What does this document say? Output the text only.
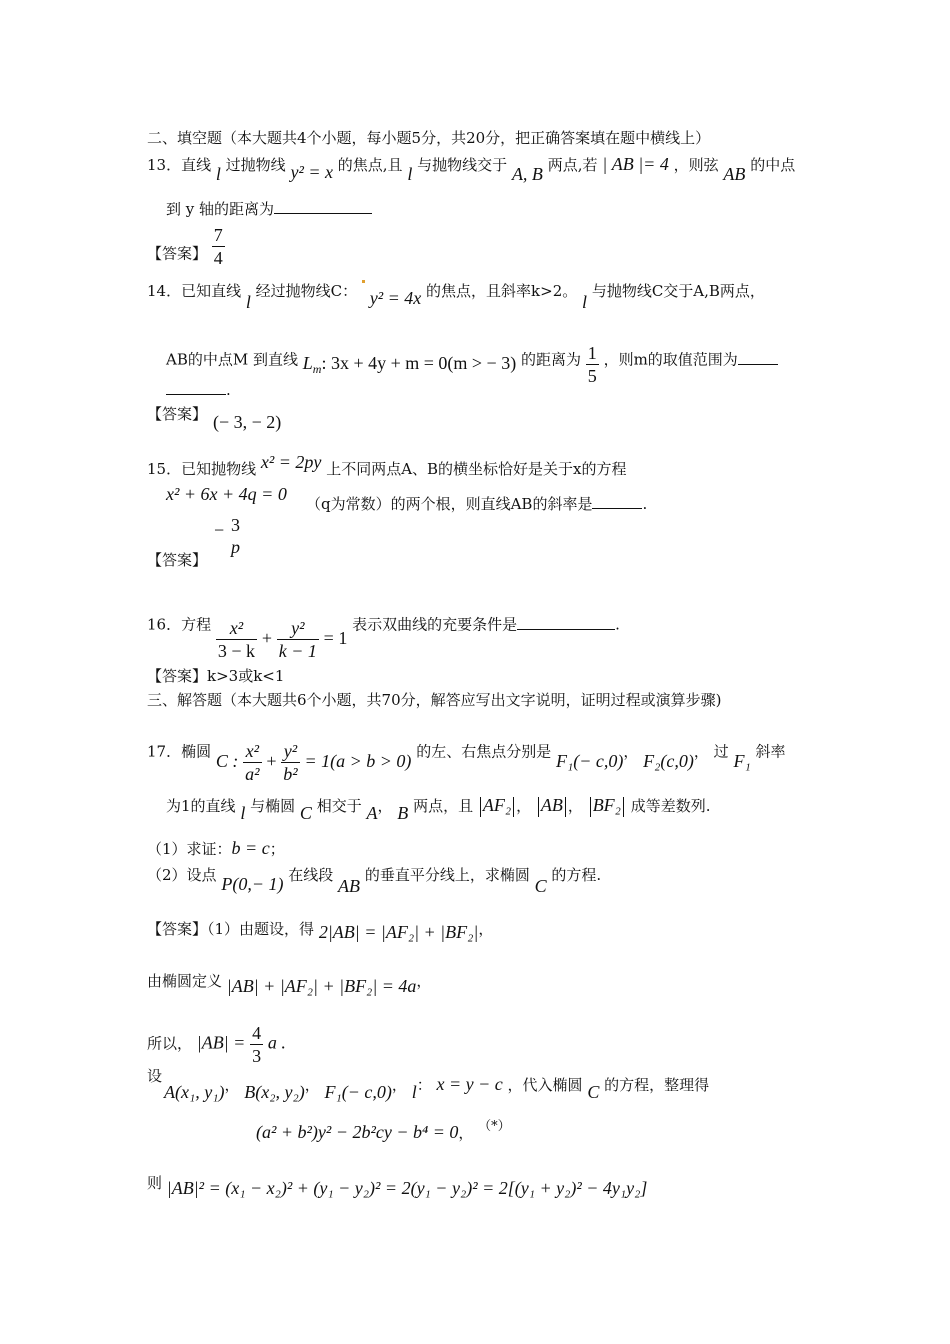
二、填空题（本大题共4个小题，每小题5分，共20分，把正确答案填在题中横线上）
13．直线 l 过抛物线 y² = x 的焦点,且 l 与抛物线交于 A, B 两点,若 | AB |= 4 ，则弦 AB 的中点
到 y 轴的距离为
【答案】 $\frac{7}{4}$
14．已知直线 l 经过抛物线C： y² = 4x 的焦点，且斜率k>2。 l 与抛物线C交于A,B两点，
AB的中点M 到直线 $L_m$: 3x + 4y + m = 0(m > − 3) 的距离为 $\frac{1}{5}$ ，则m的取值范围为
.
【答案】 (− 3, − 2)
15．已知抛物线 x² = 2py 上不同两点A、B的横坐标恰好是关于x的方程
x² + 6x + 4q = 0 （q为常数）的两个根，则直线AB的斜率是	.
【答案】
− 3
p
16．方程 $\frac{\text{x²}}{3 - k} + \frac{\text{y²}}{k - 1} = 1$ 表示双曲线的充要条件是	.
【答案】k>3或k<1
三、解答题（本大题共6个小题，共70分，解答应写出文字说明，证明过程或演算步骤)
17．椭圆 C : $\frac{\text{x²}}{\text{a²}} + \frac{\text{y²}}{\text{b²}} = 1(a > b > 0)$ 的左、右焦点分别是 F₁(− c,0)， F₂(c,0)， 过 F₁ 斜率
为1的直线 l 与椭圆 C 相交于 A， B 两点，且 AF₂ ， AB ， BF₂ 成等差数列.
（1）求证：b = c；
（2）设点 P(0,− 1) 在线段 AB 的垂直平分线上，求椭圆 C 的方程.
【答案】（1）由题设，得 2|AB| = |AF₂| + |BF₂|，
由椭圆定义 |AB| + |AF₂| + |BF₂| = 4a，
所以， $|AB| = \frac{4}{3}$ a .
设
A(x₁, y₁)， B(x₂, y₂)， F₁(− c,0)， l： x = y − c ，代入椭圆 C 的方程，整理得
(a² + b²)y² − 2b²cy − b⁴ = 0， （*）
则 |AB|² = (x₁ − x₂)² + (y₁ − y₂)² = 2(y₁ − y₂)² = 2[(y₁ + y₂)² − 4y₁y₂]
